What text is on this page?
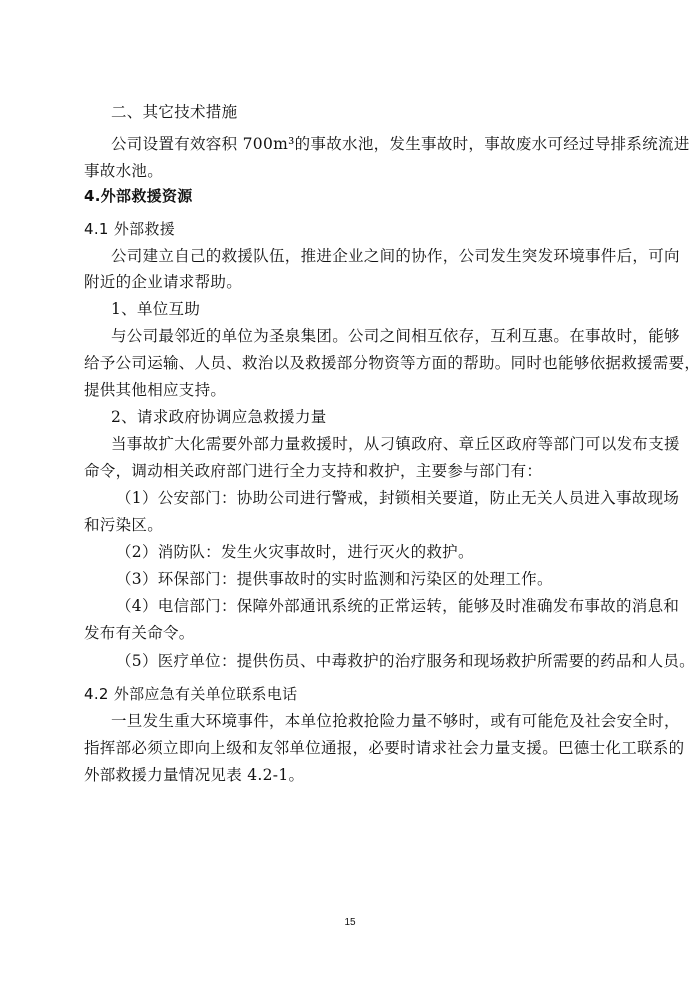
二、其它技术措施
公司设置有效容积 700m³的事故水池，发生事故时，事故废水可经过导排系统流进
事故水池。
4.外部救援资源
4.1 外部救援
公司建立自己的救援队伍，推进企业之间的协作，公司发生突发环境事件后，可向
附近的企业请求帮助。
1、单位互助
与公司最邻近的单位为圣泉集团。公司之间相互依存，互利互惠。在事故时，能够
给予公司运输、人员、救治以及救援部分物资等方面的帮助。同时也能够依据救援需要，
提供其他相应支持。
2、请求政府协调应急救援力量
当事故扩大化需要外部力量救援时，从刁镇政府、章丘区政府等部门可以发布支援
命令，调动相关政府部门进行全力支持和救护，主要参与部门有：
（1）公安部门：协助公司进行警戒，封锁相关要道，防止无关人员进入事故现场
和污染区。
（2）消防队：发生火灾事故时，进行灭火的救护。
（3）环保部门：提供事故时的实时监测和污染区的处理工作。
（4）电信部门：保障外部通讯系统的正常运转，能够及时准确发布事故的消息和
发布有关命令。
（5）医疗单位：提供伤员、中毒救护的治疗服务和现场救护所需要的药品和人员。
4.2 外部应急有关单位联系电话
一旦发生重大环境事件，本单位抢救抢险力量不够时，或有可能危及社会安全时，
指挥部必须立即向上级和友邻单位通报，必要时请求社会力量支援。巴德士化工联系的
外部救援力量情况见表 4.2-1。
15
